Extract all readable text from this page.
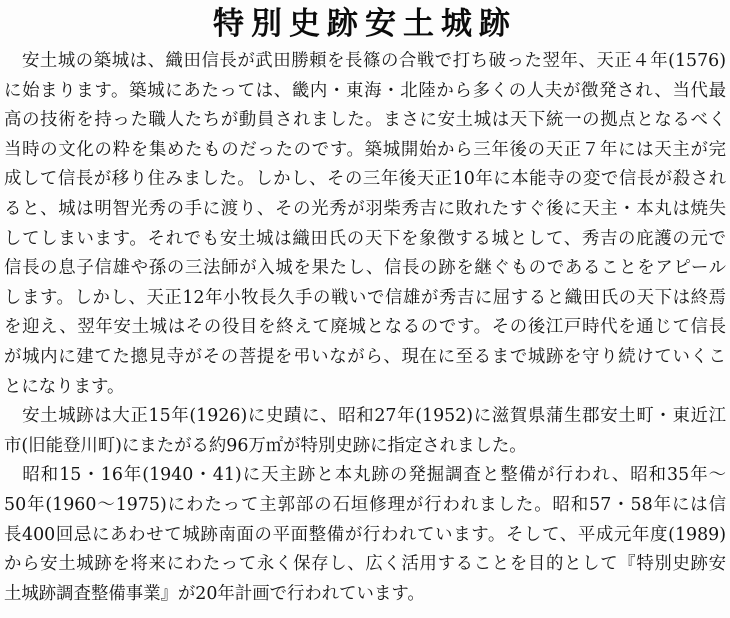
特別史跡安土城跡
　安土城の築城は、織田信長が武田勝頼を長篠の合戦で打ち破った翌年、天正４年(1576)
に始まります。築城にあたっては、畿内・東海・北陸から多くの人夫が徴発され、当代最
高の技術を持った職人たちが動員されました。まさに安土城は天下統一の拠点となるべく
当時の文化の粋を集めたものだったのです。築城開始から三年後の天正７年には天主が完
成して信長が移り住みました。しかし、その三年後天正10年に本能寺の変で信長が殺され
ると、城は明智光秀の手に渡り、その光秀が羽柴秀吉に敗れたすぐ後に天主・本丸は焼失
してしまいます。それでも安土城は織田氏の天下を象徴する城として、秀吉の庇護の元で
信長の息子信雄や孫の三法師が入城を果たし、信長の跡を継ぐものであることをアピール
します。しかし、天正12年小牧長久手の戦いで信雄が秀吉に屈すると織田氏の天下は終焉
を迎え、翌年安土城はその役目を終えて廃城となるのです。その後江戸時代を通じて信長
が城内に建てた摠見寺がその菩提を弔いながら、現在に至るまで城跡を守り続けていくこ
とになります。
　安土城跡は大正15年(1926)に史蹟に、昭和27年(1952)に滋賀県蒲生郡安土町・東近江
市(旧能登川町)にまたがる約96万㎡が特別史跡に指定されました。
　昭和15・16年(1940・41)に天主跡と本丸跡の発掘調査と整備が行われ、昭和35年～
50年(1960～1975)にわたって主郭部の石垣修理が行われました。昭和57・58年には信
長400回忌にあわせて城跡南面の平面整備が行われています。そして、平成元年度(1989)
から安土城跡を将来にわたって永く保存し、広く活用することを目的として『特別史跡安
土城跡調査整備事業』が20年計画で行われています。
